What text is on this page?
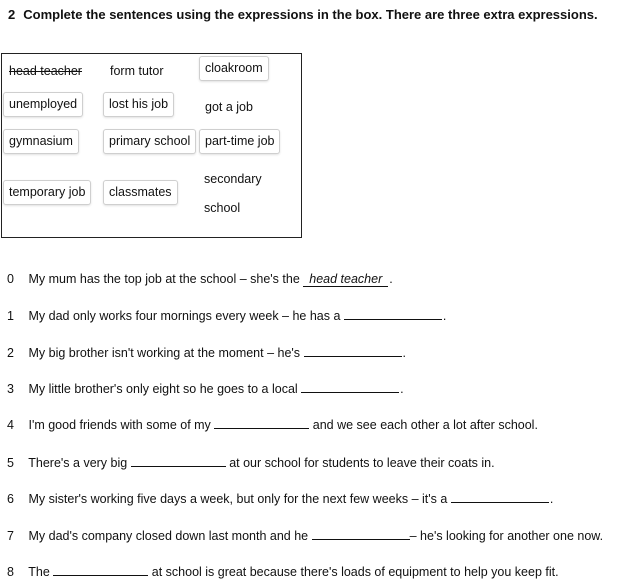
2 Complete the sentences using the expressions in the box. There are three extra expressions.
head teacher	form tutor	cloakroom
unemployed	lost his job	got a job
gymnasium	primary school	part-time job
temporary job	classmates
secondary
school
0 My mum has the top job at the school – she's the head teacher .
1 My dad only works four mornings every week – he has a	.
2 My big brother isn't working at the moment – he's	.
3 My little brother's only eight so he goes to a local	.
4 I'm good friends with some of my	and we see each other a lot after school.
5 There's a very big	at our school for students to leave their coats in.
6 My sister's working five days a week, but only for the next few weeks – it's a	.
7 My dad's company closed down last month and he	– he's looking for another one now.
8 The	at school is great because there's loads of equipment to help you keep fit.
